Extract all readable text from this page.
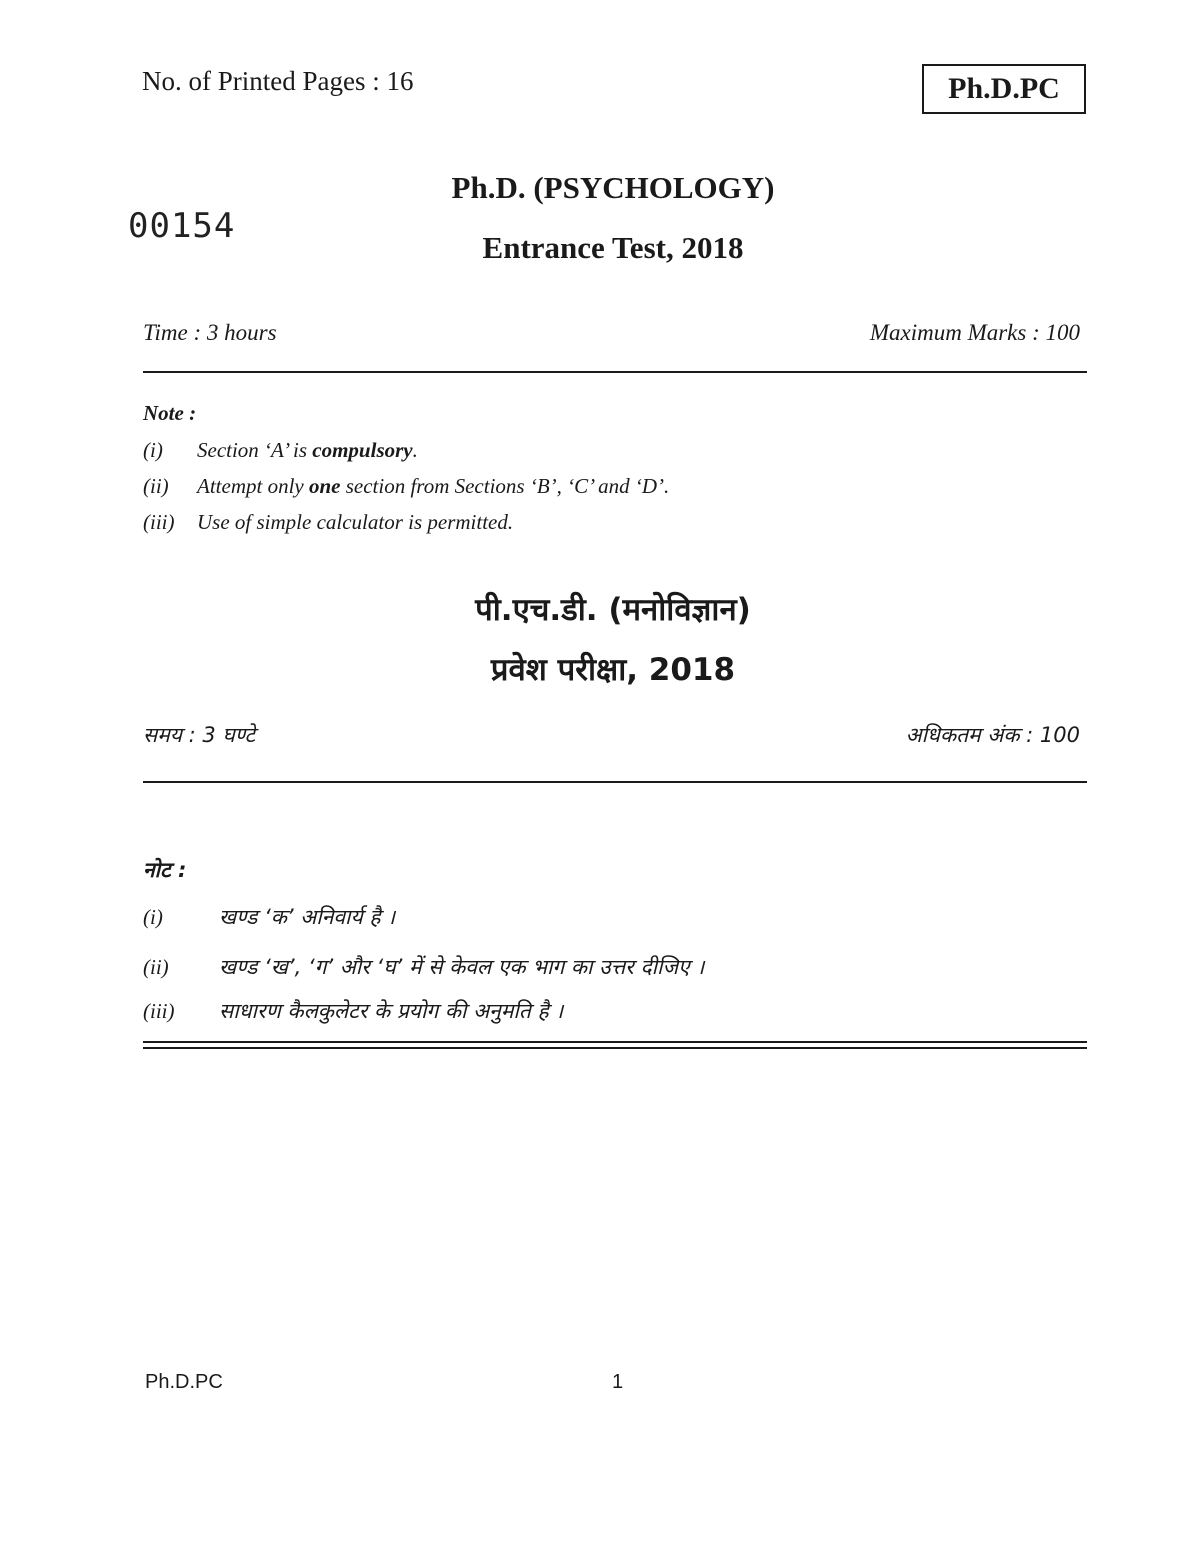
No. of Printed Pages : 16	Ph.D.PC
Ph.D. (PSYCHOLOGY)
00154
Entrance Test, 2018
Time : 3 hours	Maximum Marks : 100
Note :
(i) Section ‘A’ is compulsory.
(ii) Attempt only one section from Sections ‘B’, ‘C’ and ‘D’.
(iii) Use of simple calculator is permitted.
पी.एच.डी. (मनोविज्ञान)
प्रवेश परीक्षा, 2018
समय : 3 घण्टे	अधिकतम अंक : 100
नोट :
(i)	खण्ड ‘क’ अनिवार्य है ।
(ii) खण्ड ‘ख’, ‘ग’ और ‘घ’ में से केवल एक भाग का उत्तर दीजिए ।
(iii) साधारण कैलकुलेटर के प्रयोग की अनुमति है ।
Ph.D.PC	1
